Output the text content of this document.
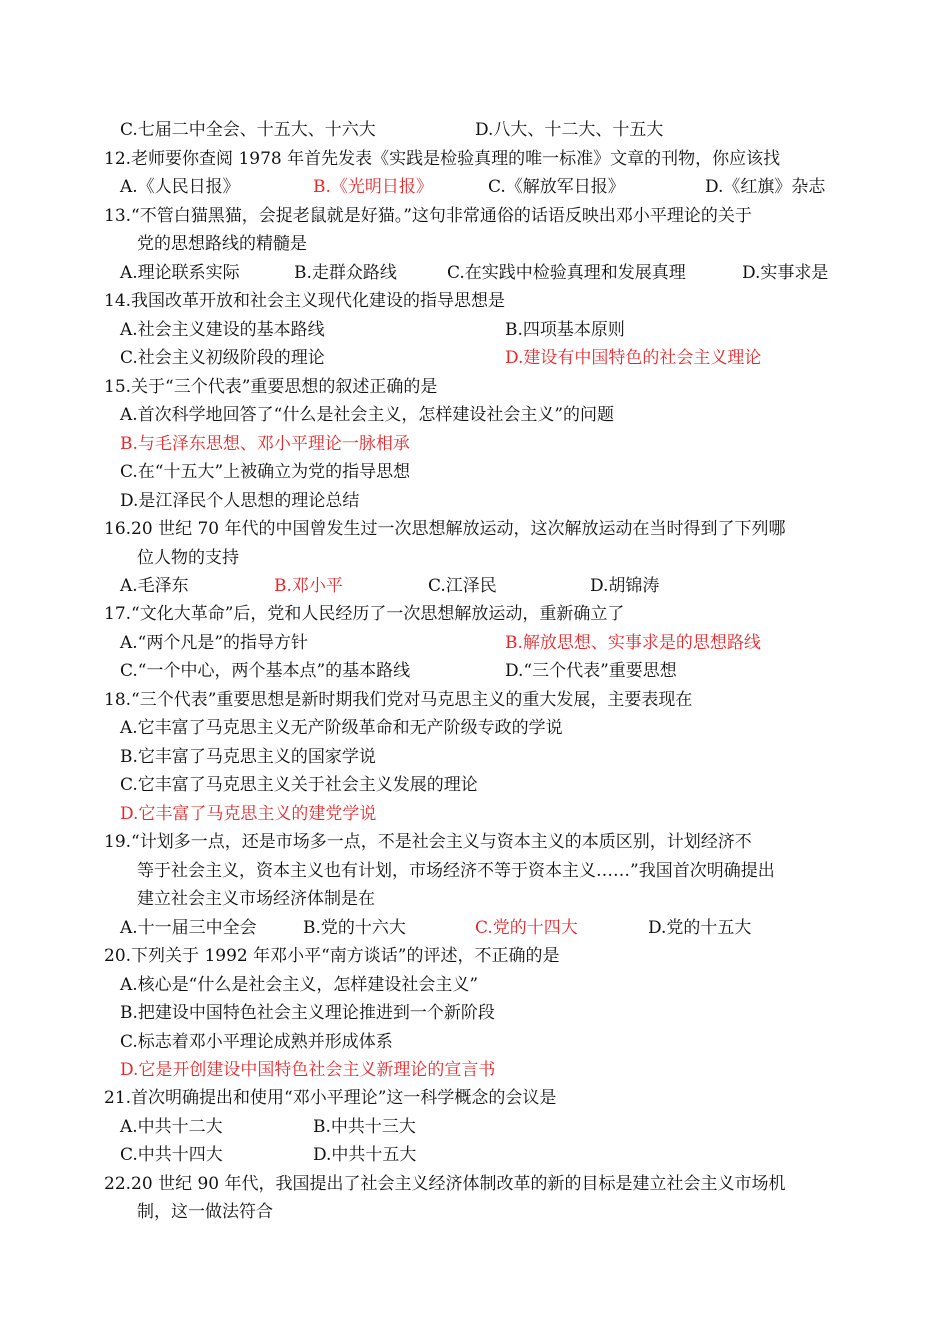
C.七届二中全会、十五大、十六大	D.八大、十二大、十五大
12.老师要你查阅 1978 年首先发表《实践是检验真理的唯一标准》文章的刊物，你应该找
A.《人民日报》	B.《光明日报》	C.《解放军日报》	D.《红旗》杂志
13.“不管白猫黑猫，会捉老鼠就是好猫。”这句非常通俗的话语反映出邓小平理论的关于
党的思想路线的精髓是
A.理论联系实际	B.走群众路线	C.在实践中检验真理和发展真理	D.实事求是
14.我国改革开放和社会主义现代化建设的指导思想是
A.社会主义建设的基本路线	B.四项基本原则
C.社会主义初级阶段的理论	D.建设有中国特色的社会主义理论
15.关于“三个代表”重要思想的叙述正确的是
A.首次科学地回答了“什么是社会主义，怎样建设社会主义”的问题
B.与毛泽东思想、邓小平理论一脉相承
C.在“十五大”上被确立为党的指导思想
D.是江泽民个人思想的理论总结
16.20 世纪 70 年代的中国曾发生过一次思想解放运动，这次解放运动在当时得到了下列哪
位人物的支持
A.毛泽东	B.邓小平	C.江泽民	D.胡锦涛
17.“文化大革命”后，党和人民经历了一次思想解放运动，重新确立了
A.“两个凡是”的指导方针	B.解放思想、实事求是的思想路线
C.“一个中心，两个基本点”的基本路线	D.“三个代表”重要思想
18.“三个代表”重要思想是新时期我们党对马克思主义的重大发展，主要表现在
A.它丰富了马克思主义无产阶级革命和无产阶级专政的学说
B.它丰富了马克思主义的国家学说
C.它丰富了马克思主义关于社会主义发展的理论
D.它丰富了马克思主义的建党学说
19.“计划多一点，还是市场多一点，不是社会主义与资本主义的本质区别，计划经济不
等于社会主义，资本主义也有计划，市场经济不等于资本主义……”我国首次明确提出
建立社会主义市场经济体制是在
A.十一届三中全会	B.党的十六大	C.党的十四大	D.党的十五大
20.下列关于 1992 年邓小平“南方谈话”的评述，不正确的是
A.核心是“什么是社会主义，怎样建设社会主义”
B.把建设中国特色社会主义理论推进到一个新阶段
C.标志着邓小平理论成熟并形成体系
D.它是开创建设中国特色社会主义新理论的宣言书
21.首次明确提出和使用“邓小平理论”这一科学概念的会议是
A.中共十二大	B.中共十三大
C.中共十四大	D.中共十五大
22.20 世纪 90 年代，我国提出了社会主义经济体制改革的新的目标是建立社会主义市场机
制，这一做法符合
